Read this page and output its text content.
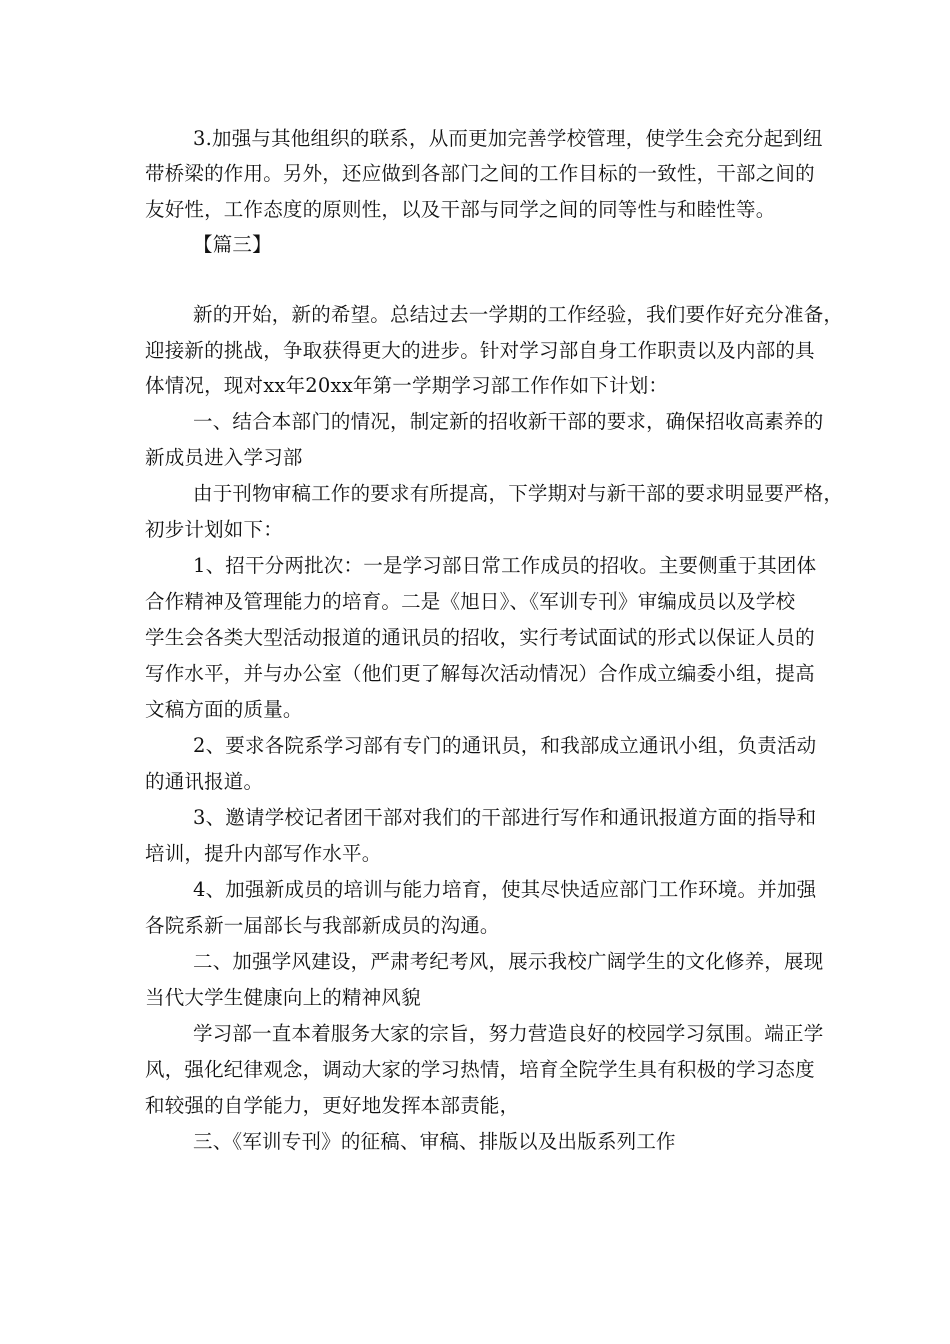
3.加强与其他组织的联系，从而更加完善学校管理，使学生会充分起到纽
带桥梁的作用。另外，还应做到各部门之间的工作目标的一致性，干部之间的
友好性，工作态度的原则性，以及干部与同学之间的同等性与和睦性等。
【篇三】
新的开始，新的希望。总结过去一学期的工作经验，我们要作好充分准备，
迎接新的挑战，争取获得更大的进步。针对学习部自身工作职责以及内部的具
体情况，现对xx年20xx年第一学期学习部工作作如下计划：
一、结合本部门的情况，制定新的招收新干部的要求，确保招收高素养的
新成员进入学习部
由于刊物审稿工作的要求有所提高，下学期对与新干部的要求明显要严格，
初步计划如下：
1、招干分两批次：一是学习部日常工作成员的招收。主要侧重于其团体
合作精神及管理能力的培育。二是《旭日》、《军训专刊》审编成员以及学校
学生会各类大型活动报道的通讯员的招收，实行考试面试的形式以保证人员的
写作水平，并与办公室（他们更了解每次活动情况）合作成立编委小组，提高
文稿方面的质量。
2、要求各院系学习部有专门的通讯员，和我部成立通讯小组，负责活动
的通讯报道。
3、邀请学校记者团干部对我们的干部进行写作和通讯报道方面的指导和
培训，提升内部写作水平。
4、加强新成员的培训与能力培育，使其尽快适应部门工作环境。并加强
各院系新一届部长与我部新成员的沟通。
二、加强学风建设，严肃考纪考风，展示我校广阔学生的文化修养，展现
当代大学生健康向上的精神风貌
学习部一直本着服务大家的宗旨，努力营造良好的校园学习氛围。端正学
风，强化纪律观念，调动大家的学习热情，培育全院学生具有积极的学习态度
和较强的自学能力，更好地发挥本部责能，
三、《军训专刊》的征稿、审稿、排版以及出版系列工作
